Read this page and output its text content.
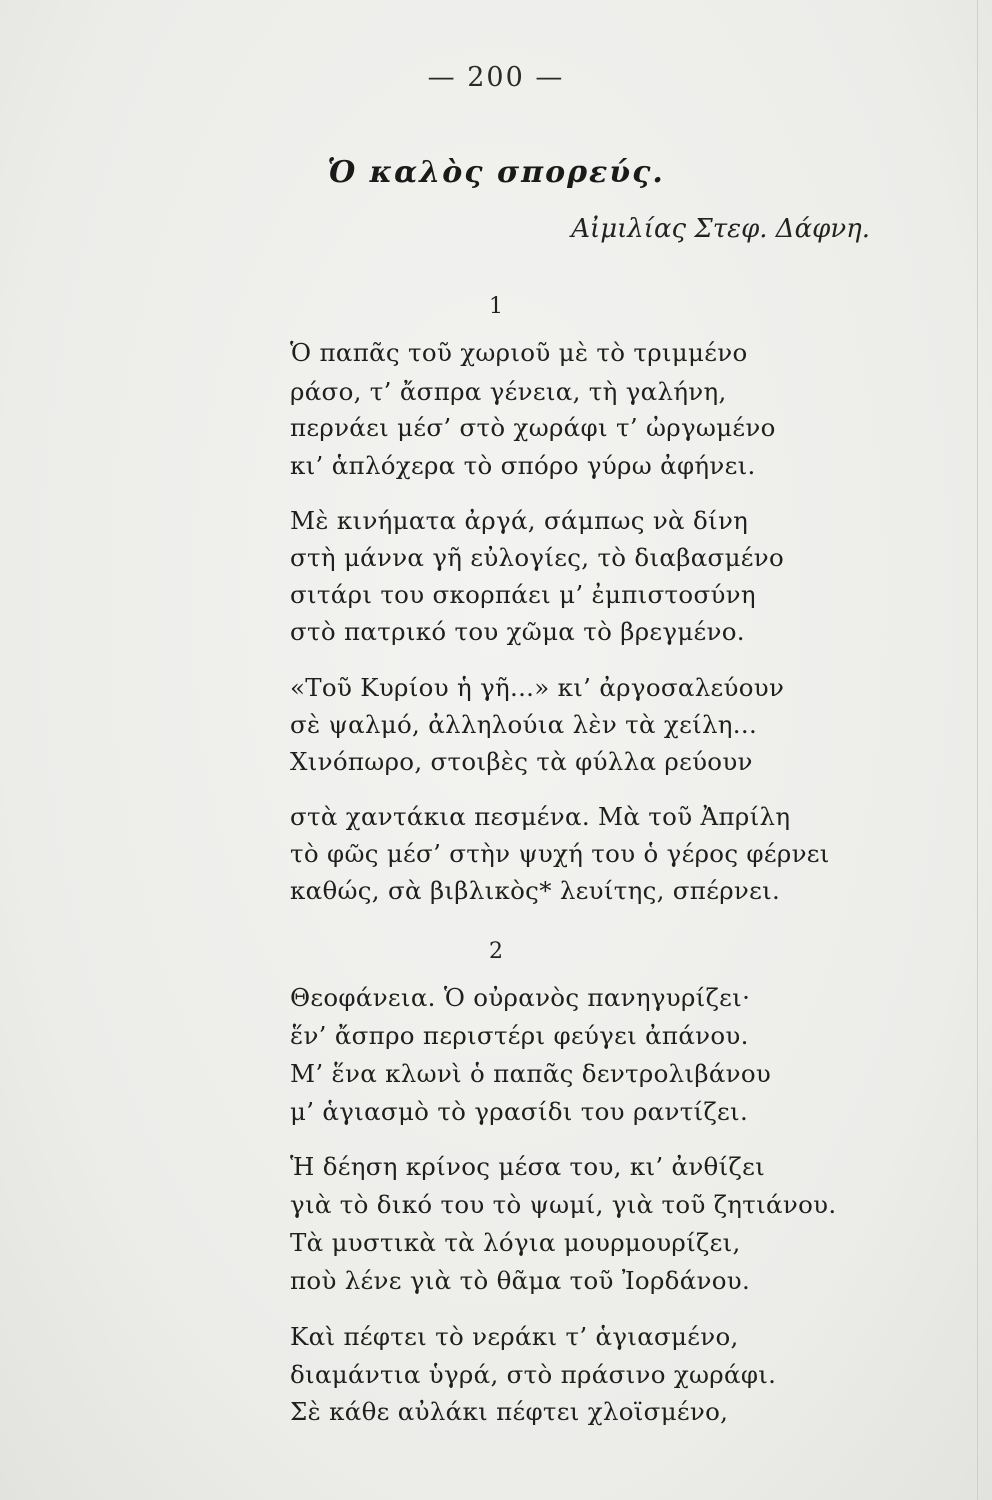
— 200 —
Ὁ καλὸς σπορεύς.
Αἰμιλίας Στεφ. Δάφνη.
1
Ὁ παπᾶς τοῦ χωριοῦ μὲ τὸ τριμμένο
ράσο, τ’ ἄσπρα γένεια, τὴ γαλήνη,
περνάει μέσ’ στὸ χωράφι τ’ ὠργωμένο
κι’ ἁπλόχερα τὸ σπόρο γύρω ἀφήνει.
Μὲ κινήματα ἀργά, σάμπως νὰ δίνη
στὴ μάννα γῆ εὐλογίες, τὸ διαβασμένο
σιτάρι του σκορπάει μ’ ἐμπιστοσύνη
στὸ πατρικό του χῶμα τὸ βρεγμένο.
«Τοῦ Κυρίου ἡ γῆ...» κι’ ἀργοσαλεύουν
σὲ ψαλμό, ἀλληλούια λὲν τὰ χείλη...
Χινόπωρο, στοιβὲς τὰ φύλλα ρεύουν
στὰ χαντάκια πεσμένα. Μὰ τοῦ Ἀπρίλη
τὸ φῶς μέσ’ στὴν ψυχή του ὁ γέρος φέρνει
καθώς, σὰ βιβλικὸς* λευίτης, σπέρνει.
2
Θεοφάνεια. Ὁ οὐρανὸς πανηγυρίζει·
ἕν’ ἄσπρο περιστέρι φεύγει ἀπάνου.
Μ’ ἕνα κλωνὶ ὁ παπᾶς δεντρολιβάνου
μ’ ἁγιασμὸ τὸ γρασίδι του ραντίζει.
Ἡ δέηση κρίνος μέσα του, κι’ ἀνθίζει
γιὰ τὸ δικό του τὸ ψωμί, γιὰ τοῦ ζητιάνου.
Τὰ μυστικὰ τὰ λόγια μουρμουρίζει,
ποὺ λένε γιὰ τὸ θᾶμα τοῦ Ἰορδάνου.
Καὶ πέφτει τὸ νεράκι τ’ ἁγιασμένο,
διαμάντια ὑγρά, στὸ πράσινο χωράφι.
Σὲ κάθε αὐλάκι πέφτει χλοϊσμένο,
